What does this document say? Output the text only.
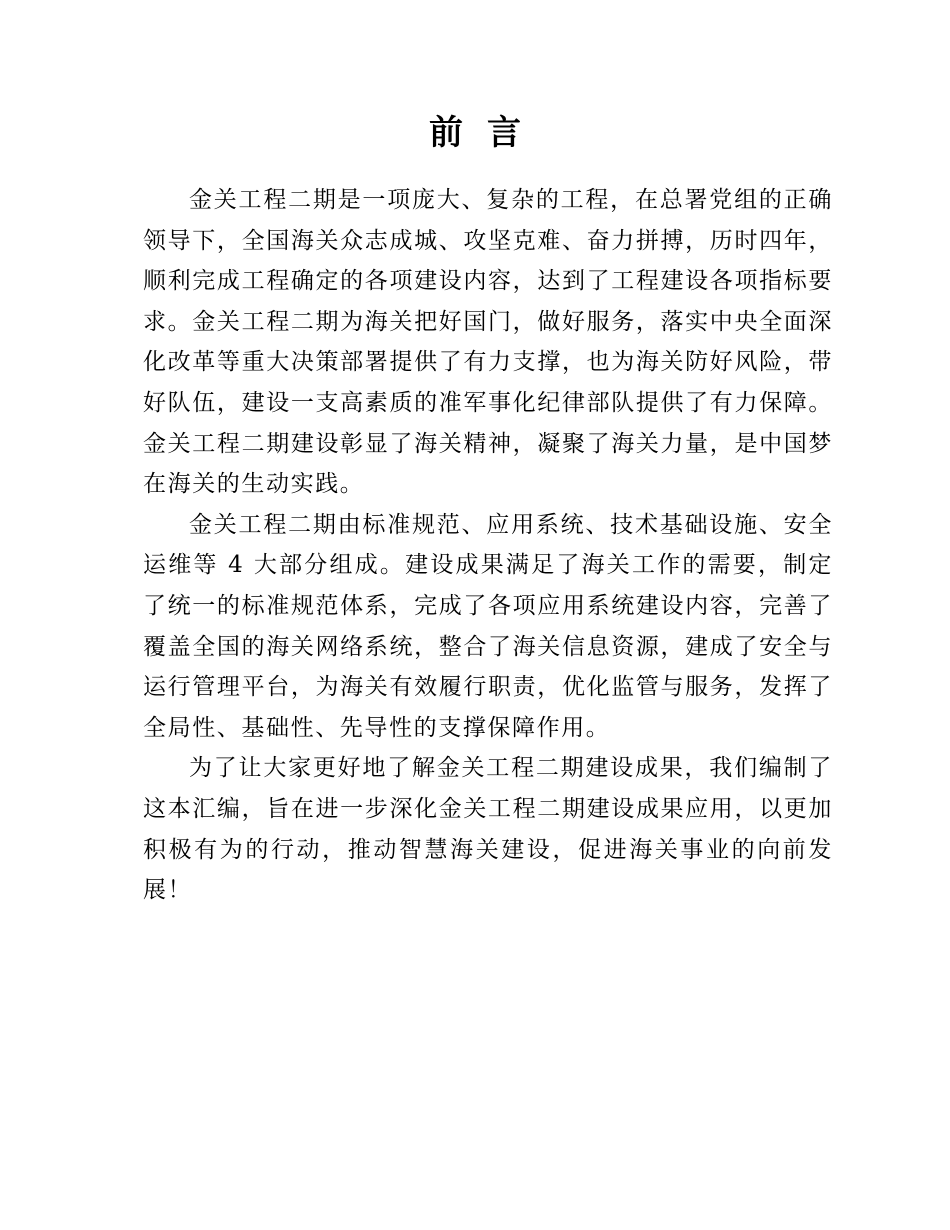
前 言

金关工程二期是一项庞大、复杂的工程，在总署党组的正确领导下，全国海关众志成城、攻坚克难、奋力拼搏，历时四年，顺利完成工程确定的各项建设内容，达到了工程建设各项指标要求。金关工程二期为海关把好国门，做好服务，落实中央全面深化改革等重大决策部署提供了有力支撑，也为海关防好风险，带好队伍，建设一支高素质的准军事化纪律部队提供了有力保障。金关工程二期建设彰显了海关精神，凝聚了海关力量，是中国梦在海关的生动实践。

金关工程二期由标准规范、应用系统、技术基础设施、安全运维等 4 大部分组成。建设成果满足了海关工作的需要，制定了统一的标准规范体系，完成了各项应用系统建设内容，完善了覆盖全国的海关网络系统，整合了海关信息资源，建成了安全与运行管理平台，为海关有效履行职责，优化监管与服务，发挥了全局性、基础性、先导性的支撑保障作用。

为了让大家更好地了解金关工程二期建设成果，我们编制了这本汇编，旨在进一步深化金关工程二期建设成果应用，以更加积极有为的行动，推动智慧海关建设，促进海关事业的向前发展！
